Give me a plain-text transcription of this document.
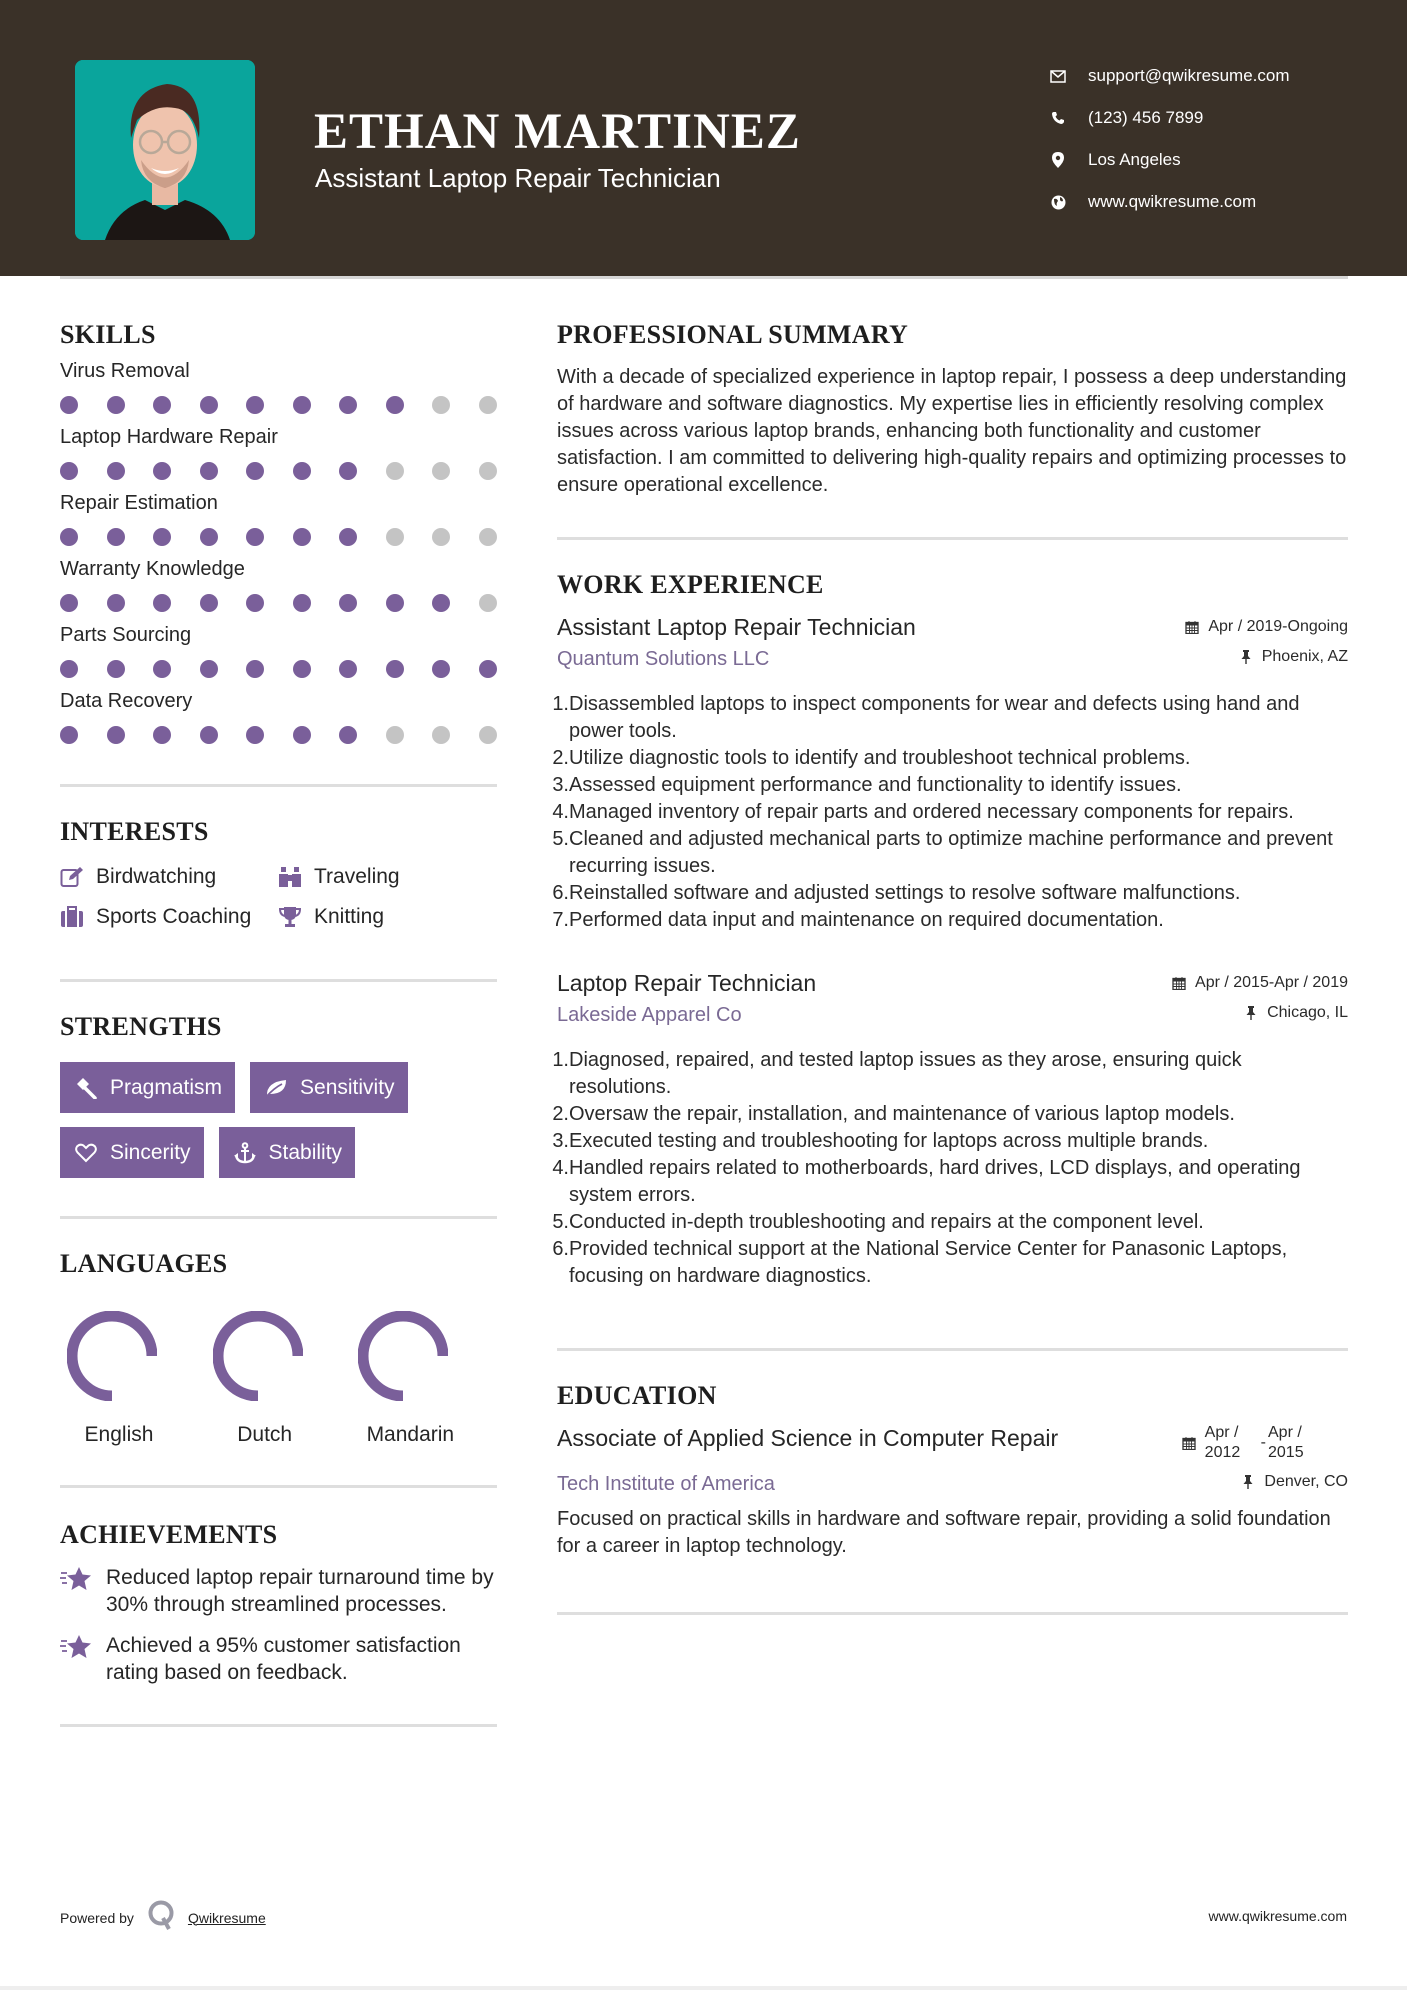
ETHAN MARTINEZ
Assistant Laptop Repair Technician
support@qwikresume.com
(123) 456 7899
Los Angeles
www.qwikresume.com
SKILLS
Virus Removal
Laptop Hardware Repair
Repair Estimation
Warranty Knowledge
Parts Sourcing
Data Recovery
INTERESTS
Birdwatching	Traveling
Sports Coaching	Knitting
STRENGTHS
Pragmatism	Sensitivity
Sincerity	Stability
LANGUAGES
English	Dutch	Mandarin
ACHIEVEMENTS
Reduced laptop repair turnaround time by 30% through streamlined processes.
Achieved a 95% customer satisfaction rating based on feedback.
PROFESSIONAL SUMMARY
With a decade of specialized experience in laptop repair, I possess a deep understanding of hardware and software diagnostics. My expertise lies in efficiently resolving complex issues across various laptop brands, enhancing both functionality and customer satisfaction. I am committed to delivering high-quality repairs and optimizing processes to ensure operational excellence.
WORK EXPERIENCE
Assistant Laptop Repair Technician	Apr / 2019-Ongoing
Quantum Solutions LLC	Phoenix, AZ
1. Disassembled laptops to inspect components for wear and defects using hand and power tools.
2. Utilize diagnostic tools to identify and troubleshoot technical problems.
3. Assessed equipment performance and functionality to identify issues.
4. Managed inventory of repair parts and ordered necessary components for repairs.
5. Cleaned and adjusted mechanical parts to optimize machine performance and prevent recurring issues.
6. Reinstalled software and adjusted settings to resolve software malfunctions.
7. Performed data input and maintenance on required documentation.
Laptop Repair Technician	Apr / 2015-Apr / 2019
Lakeside Apparel Co	Chicago, IL
1. Diagnosed, repaired, and tested laptop issues as they arose, ensuring quick resolutions.
2. Oversaw the repair, installation, and maintenance of various laptop models.
3. Executed testing and troubleshooting for laptops across multiple brands.
4. Handled repairs related to motherboards, hard drives, LCD displays, and operating system errors.
5. Conducted in-depth troubleshooting and repairs at the component level.
6. Provided technical support at the National Service Center for Panasonic Laptops, focusing on hardware diagnostics.
EDUCATION
Associate of Applied Science in Computer Repair	Apr / 2012
-
Apr / 2015
Tech Institute of America	Denver, CO
Focused on practical skills in hardware and software repair, providing a solid foundation for a career in laptop technology.
Powered by	Qwikresume	www.qwikresume.com
